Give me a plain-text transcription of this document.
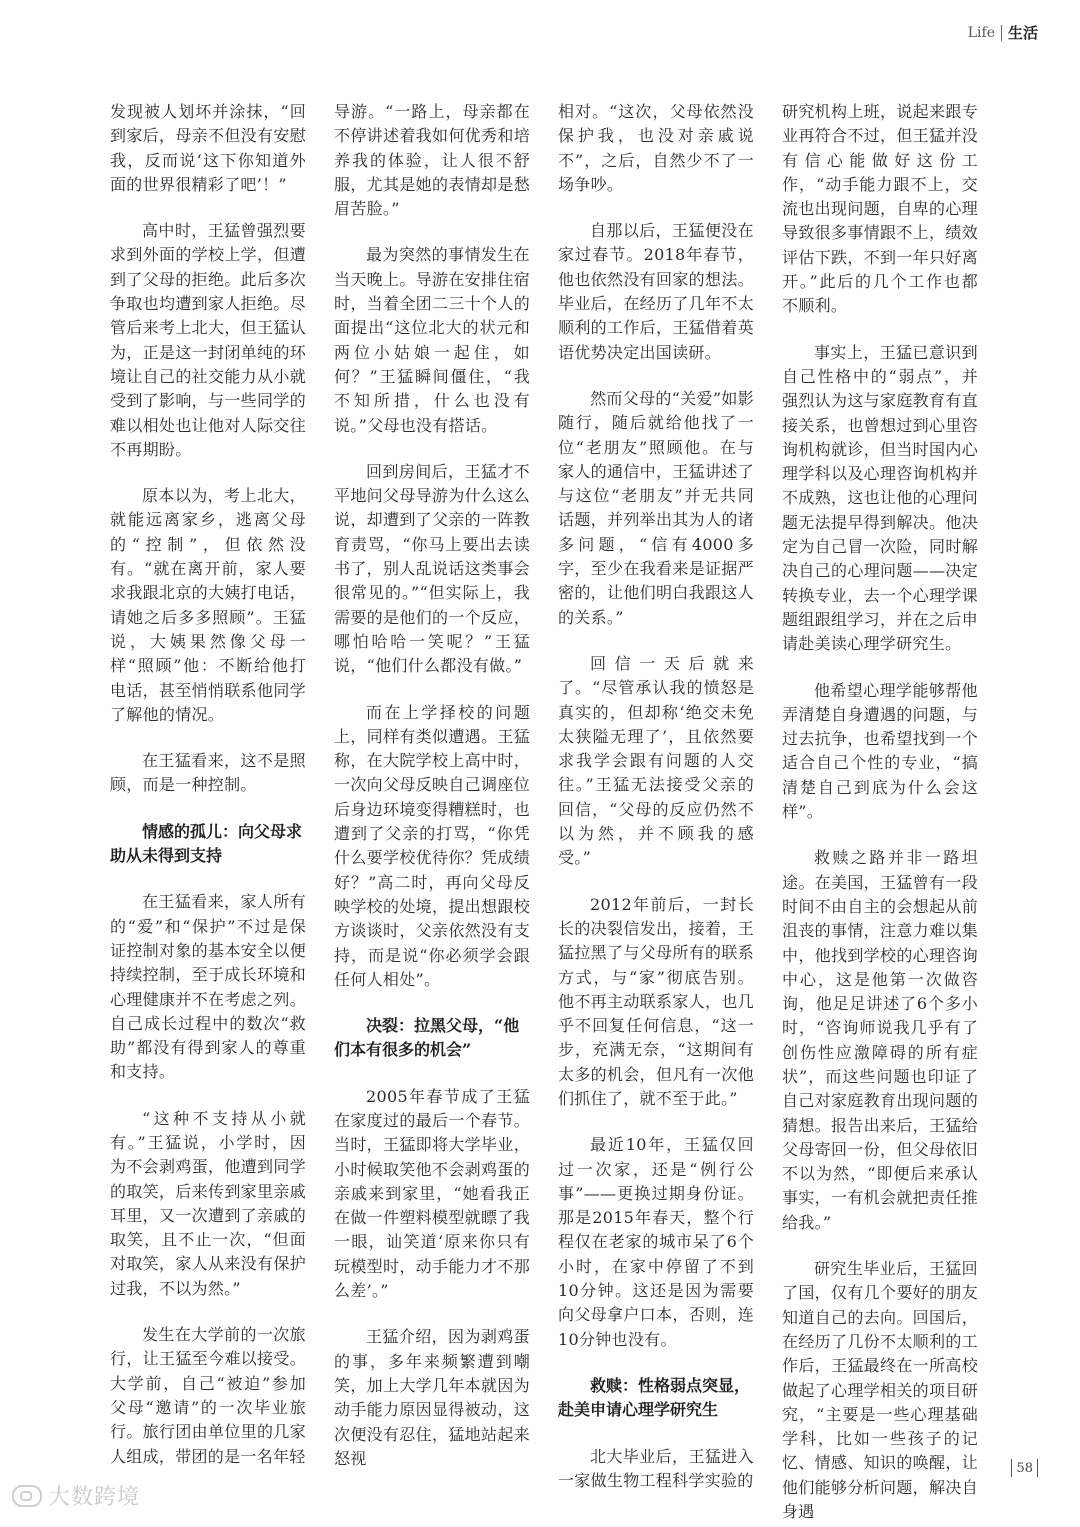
Life 生活

发现被人划坏并涂抹，“回到家后，母亲不但没有安慰我，反而说‘这下你知道外面的世界很精彩了吧’！”

高中时，王猛曾强烈要求到外面的学校上学，但遭到了父母的拒绝。此后多次争取也均遭到家人拒绝。尽管后来考上北大，但王猛认为，正是这一封闭单纯的环境让自己的社交能力从小就受到了影响，与一些同学的难以相处也让他对人际交往不再期盼。

原本以为，考上北大，就能远离家乡，逃离父母的“控制”，但依然没有。“就在离开前，家人要求我跟北京的大姨打电话，请她之后多多照顾”。王猛说，大姨果然像父母一样“照顾”他：不断给他打电话，甚至悄悄联系他同学了解他的情况。

在王猛看来，这不是照顾，而是一种控制。

情感的孤儿：向父母求助从未得到支持

在王猛看来，家人所有的“爱”和“保护”不过是保证控制对象的基本安全以便持续控制，至于成长环境和心理健康并不在考虑之列。自己成长过程中的数次“救助”都没有得到家人的尊重和支持。

“这种不支持从小就有。”王猛说，小学时，因为不会剥鸡蛋，他遭到同学的取笑，后来传到家里亲戚耳里，又一次遭到了亲戚的取笑，且不止一次，“但面对取笑，家人从来没有保护过我，不以为然。”

发生在大学前的一次旅行，让王猛至今难以接受。大学前，自己“被迫”参加父母“邀请”的一次毕业旅行。旅行团由单位里的几家人组成，带团的是一名年轻

导游。“一路上，母亲都在不停讲述着我如何优秀和培养我的体验，让人很不舒服，尤其是她的表情却是愁眉苦脸。”

最为突然的事情发生在当天晚上。导游在安排住宿时，当着全团二三十个人的面提出“这位北大的状元和两位小姑娘一起住，如何？”王猛瞬间僵住，“我不知所措，什么也没有说。”父母也没有搭话。

回到房间后，王猛才不平地问父母导游为什么这么说，却遭到了父亲的一阵教育责骂，“你马上要出去读书了，别人乱说话这类事会很常见的。”“但实际上，我需要的是他们的一个反应，哪怕哈哈一笑呢？”王猛说，“他们什么都没有做。”

而在上学择校的问题上，同样有类似遭遇。王猛称，在大院学校上高中时，一次向父母反映自己调座位后身边环境变得糟糕时，也遭到了父亲的打骂，“你凭什么要学校优待你？凭成绩好？”高二时，再向父母反映学校的处境，提出想跟校方谈谈时，父亲依然没有支持，而是说“你必须学会跟任何人相处”。

决裂：拉黑父母，“他们本有很多的机会”

2005年春节成了王猛在家度过的最后一个春节。当时，王猛即将大学毕业，小时候取笑他不会剥鸡蛋的亲戚来到家里，“她看我正在做一件塑料模型就瞟了我一眼，讪笑道‘原来你只有玩模型时，动手能力才不那么差’。”

王猛介绍，因为剥鸡蛋的事，多年来频繁遭到嘲笑，加上大学几年本就因为动手能力原因显得被动，这次便没有忍住，猛地站起来怒视

相对。“这次，父母依然没保护我，也没对亲戚说不”，之后，自然少不了一场争吵。

自那以后，王猛便没在家过春节。2018年春节，他也依然没有回家的想法。毕业后，在经历了几年不太顺利的工作后，王猛借着英语优势决定出国读研。

然而父母的“关爱”如影随行，随后就给他找了一位“老朋友”照顾他。在与家人的通信中，王猛讲述了与这位“老朋友”并无共同话题，并列举出其为人的诸多问题，“信有4000多字，至少在我看来是证据严密的，让他们明白我跟这人的关系。”

回信一天后就来了。“尽管承认我的愤怒是真实的，但却称‘绝交未免太狭隘无理了’，且依然要求我学会跟有问题的人交往。”王猛无法接受父亲的回信，“父母的反应仍然不以为然，并不顾我的感受。”

2012年前后，一封长长的决裂信发出，接着，王猛拉黑了与父母所有的联系方式，与“家”彻底告别。他不再主动联系家人，也几乎不回复任何信息，“这一步，充满无奈，“这期间有太多的机会，但凡有一次他们抓住了，就不至于此。”

最近10年，王猛仅回过一次家，还是“例行公事”——更换过期身份证。那是2015年春天，整个行程仅在老家的城市呆了6个小时，在家中停留了不到10分钟。这还是因为需要向父母拿户口本，否则，连10分钟也没有。

救赎：性格弱点突显，赴美申请心理学研究生

北大毕业后，王猛进入一家做生物工程科学实验的

研究机构上班，说起来跟专业再符合不过，但王猛并没有信心能做好这份工作，“动手能力跟不上，交流也出现问题，自卑的心理导致很多事情跟不上，绩效评估下跌，不到一年只好离开。”此后的几个工作也都不顺利。

事实上，王猛已意识到自己性格中的“弱点”，并强烈认为这与家庭教育有直接关系，也曾想过到心里咨询机构就诊，但当时国内心理学科以及心理咨询机构并不成熟，这也让他的心理问题无法提早得到解决。他决定为自己冒一次险，同时解决自己的心理问题——决定转换专业，去一个心理学课题组跟组学习，并在之后申请赴美读心理学研究生。

他希望心理学能够帮他弄清楚自身遭遇的问题，与过去抗争，也希望找到一个适合自己个性的专业，“搞清楚自己到底为什么会这样”。

救赎之路并非一路坦途。在美国，王猛曾有一段时间不由自主的会想起从前沮丧的事情，注意力难以集中，他找到学校的心理咨询中心，这是他第一次做咨询，他足足讲述了6个多小时，“咨询师说我几乎有了创伤性应激障碍的所有症状”，而这些问题也印证了自己对家庭教育出现问题的猜想。报告出来后，王猛给父母寄回一份，但父母依旧不以为然，“即便后来承认事实，一有机会就把责任推给我。”

研究生毕业后，王猛回了国，仅有几个要好的朋友知道自己的去向。回国后，在经历了几份不太顺利的工作后，王猛最终在一所高校做起了心理学相关的项目研究，“主要是一些心理基础学科，比如一些孩子的记忆、情感、知识的唤醒，让他们能够分析问题，解决自身遇

大数跨境
58
